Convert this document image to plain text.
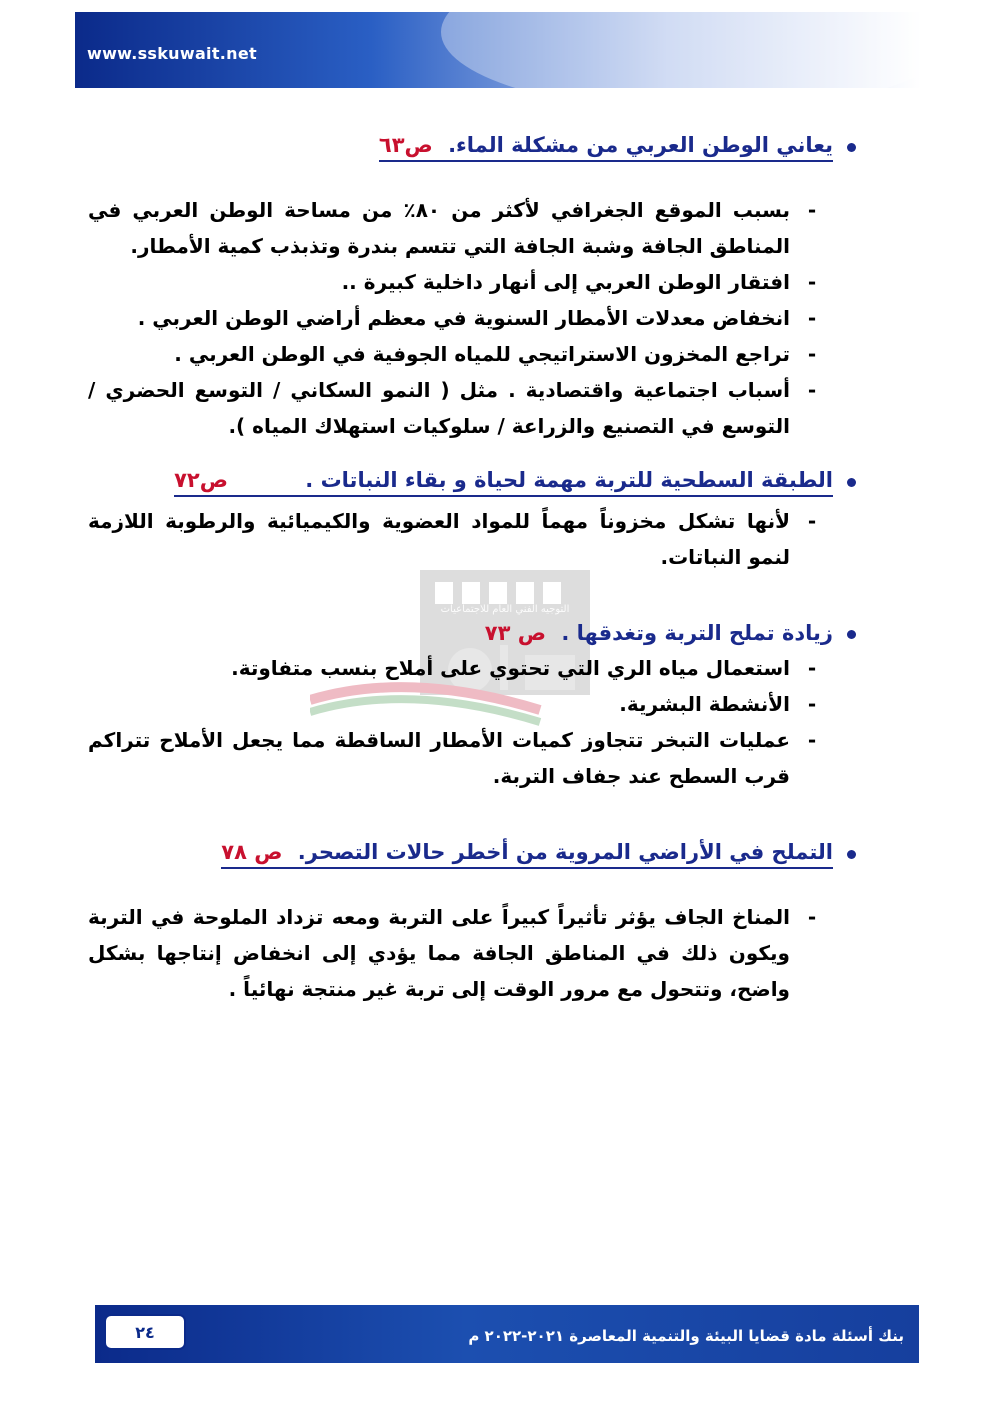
www.sskuwait.net
التوجيه الفني العام للاجتماعيات
يعاني الوطن العربي من مشكلة الماء. ص٦٣
-
بسبب الموقع الجغرافي لأكثر من ٨٠٪ من مساحة الوطن العربي في المناطق الجافة وشبة الجافة التي تتسم بندرة وتذبذب كمية الأمطار.
-
افتقار الوطن العربي إلى أنهار داخلية كبيرة ..
-
انخفاض معدلات الأمطار السنوية في معظم أراضي الوطن العربي .
-
تراجع المخزون الاستراتيجي للمياه الجوفية في الوطن العربي .
-
أسباب اجتماعية واقتصادية . مثل ( النمو السكاني / التوسع الحضري / التوسع في التصنيع والزراعة / سلوكيات استهلاك المياه ).
الطبقة السطحية للتربة مهمة لحياة و بقاء النباتات . ص٧٢
-
لأنها تشكل مخزوناً مهماً للمواد العضوية والكيميائية والرطوبة اللازمة لنمو النباتات.
زيادة تملح التربة وتغدقها . ص ٧٣
-
استعمال مياه الري التي تحتوي على أملاح بنسب متفاوتة.
-
الأنشطة البشرية.
-
عمليات التبخر تتجاوز كميات الأمطار الساقطة مما يجعل الأملاح تتراكم قرب السطح عند جفاف التربة.
التملح في الأراضي المروية من أخطر حالات التصحر. ص ٧٨
-
المناخ الجاف يؤثر تأثيراً كبيراً على التربة ومعه تزداد الملوحة في التربة ويكون ذلك في المناطق الجافة مما يؤدي إلى انخفاض إنتاجها بشكل واضح، وتتحول مع مرور الوقت إلى تربة غير منتجة نهائياً .
٢٤	بنك أسئلة مادة قضايا البيئة والتنمية المعاصرة ٢٠٢١-٢٠٢٢ م
